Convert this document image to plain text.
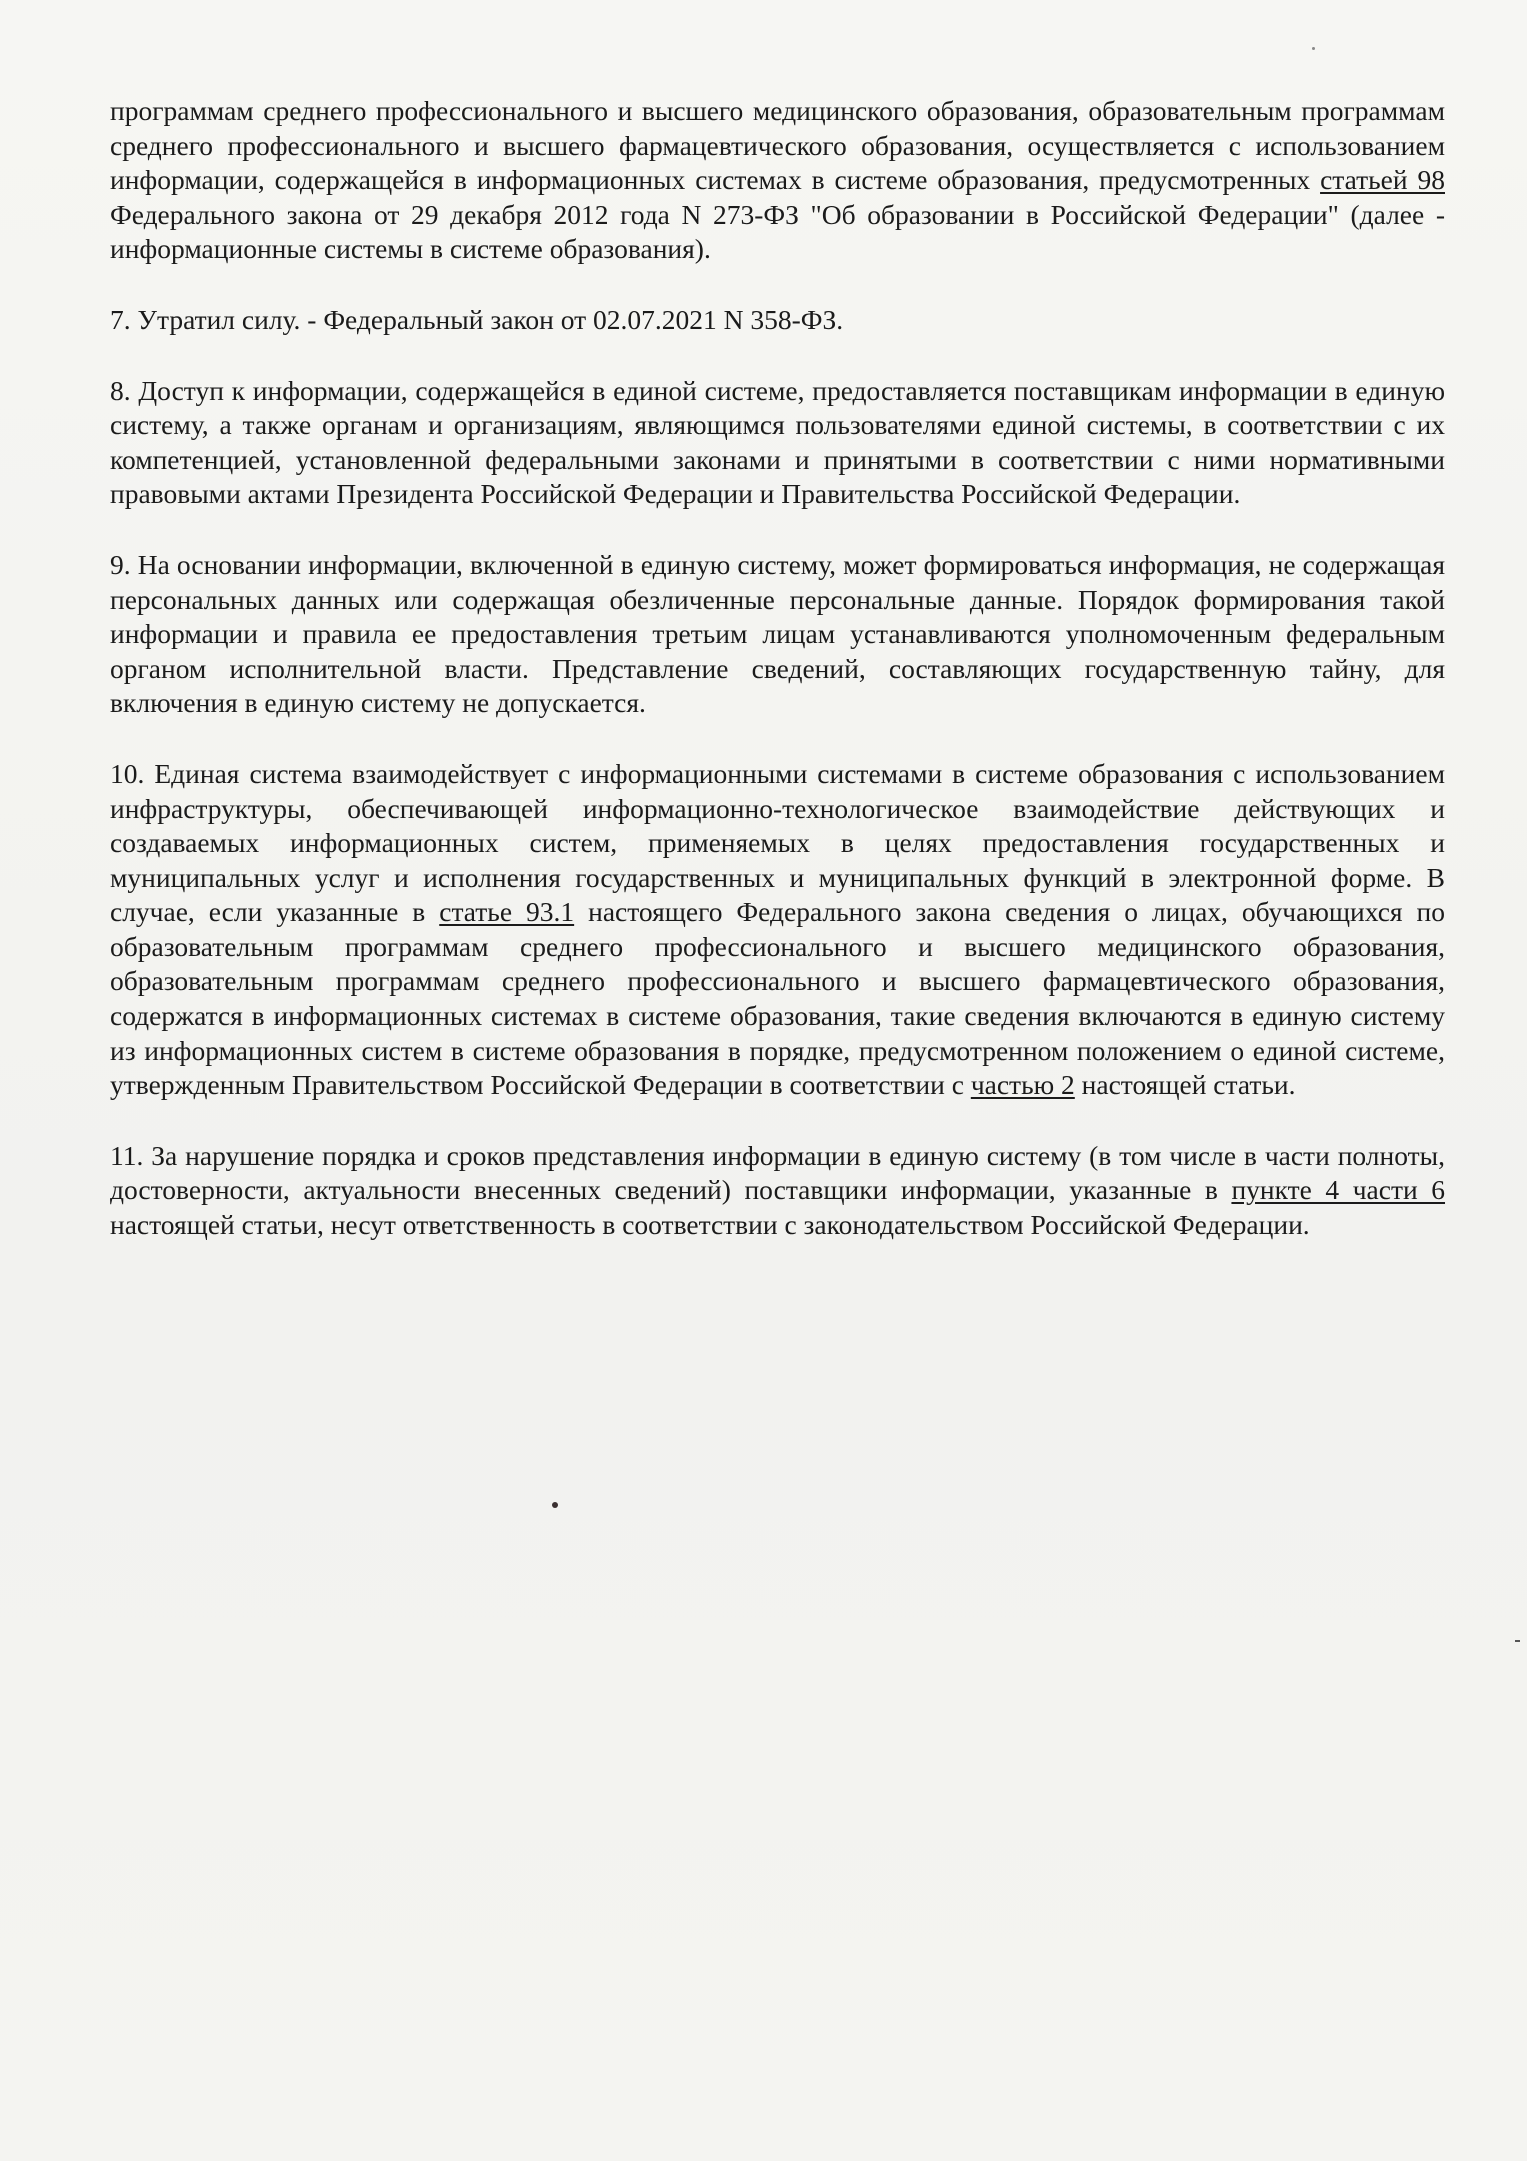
программам среднего профессионального и высшего медицинского образования, образовательным программам среднего профессионального и высшего фармацевтического образования, осуществляется с использованием информации, содержащейся в информационных системах в системе образования, предусмотренных статьей 98 Федерального закона от 29 декабря 2012 года N 273-ФЗ "Об образовании в Российской Федерации" (далее - информационные системы в системе образования).

7. Утратил силу. - Федеральный закон от 02.07.2021 N 358-ФЗ.

8. Доступ к информации, содержащейся в единой системе, предоставляется поставщикам информации в единую систему, а также органам и организациям, являющимся пользователями единой системы, в соответствии с их компетенцией, установленной федеральными законами и принятыми в соответствии с ними нормативными правовыми актами Президента Российской Федерации и Правительства Российской Федерации.

9. На основании информации, включенной в единую систему, может формироваться информация, не содержащая персональных данных или содержащая обезличенные персональные данные. Порядок формирования такой информации и правила ее предоставления третьим лицам устанавливаются уполномоченным федеральным органом исполнительной власти. Представление сведений, составляющих государственную тайну, для включения в единую систему не допускается.

10. Единая система взаимодействует с информационными системами в системе образования с использованием инфраструктуры, обеспечивающей информационно-технологическое взаимодействие действующих и создаваемых информационных систем, применяемых в целях предоставления государственных и муниципальных услуг и исполнения государственных и муниципальных функций в электронной форме. В случае, если указанные в статье 93.1 настоящего Федерального закона сведения о лицах, обучающихся по образовательным программам среднего профессионального и высшего медицинского образования, образовательным программам среднего профессионального и высшего фармацевтического образования, содержатся в информационных системах в системе образования, такие сведения включаются в единую систему из информационных систем в системе образования в порядке, предусмотренном положением о единой системе, утвержденным Правительством Российской Федерации в соответствии с частью 2 настоящей статьи.

11. За нарушение порядка и сроков представления информации в единую систему (в том числе в части полноты, достоверности, актуальности внесенных сведений) поставщики информации, указанные в пункте 4 части 6 настоящей статьи, несут ответственность в соответствии с законодательством Российской Федерации.
